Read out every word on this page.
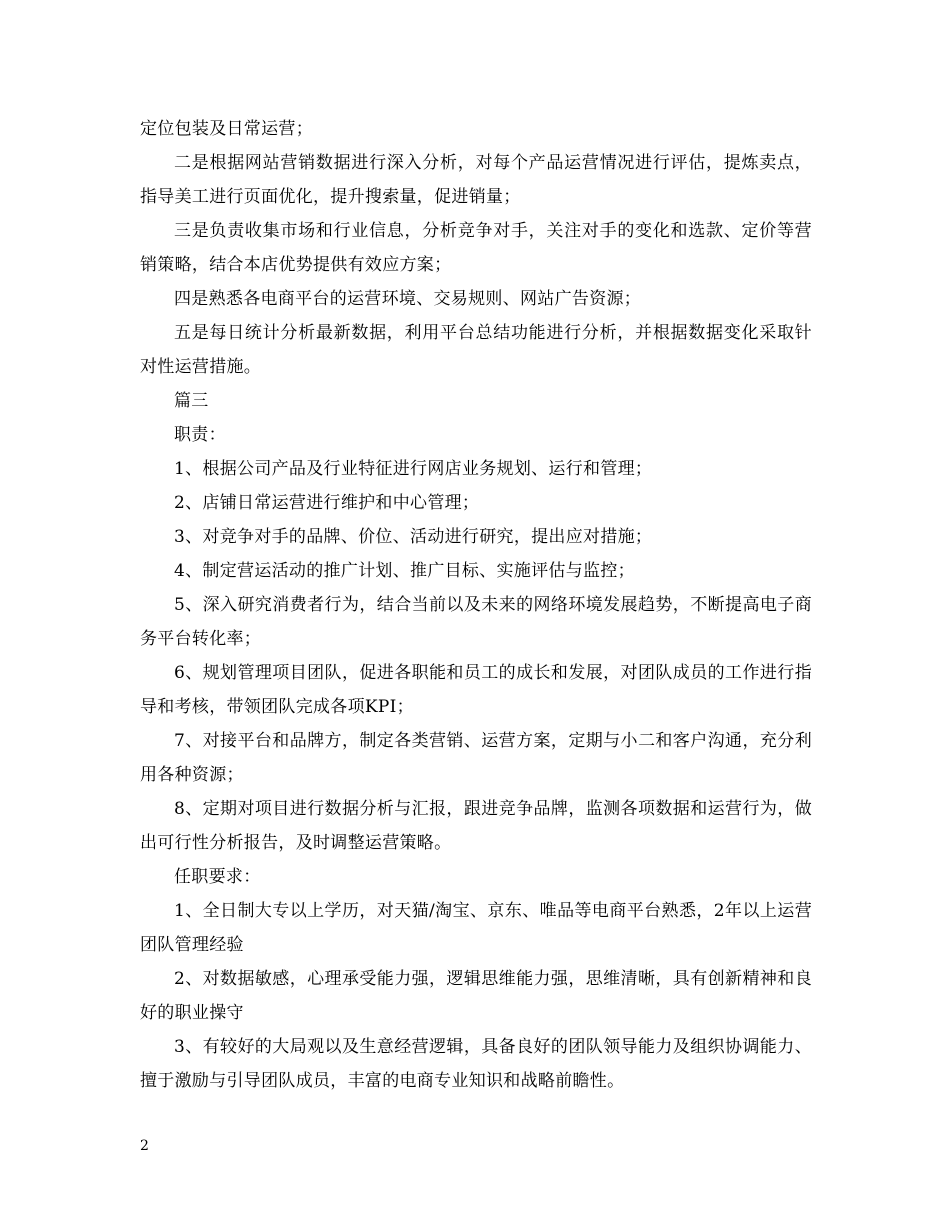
定位包装及日常运营；

二是根据网站营销数据进行深入分析，对每个产品运营情况进行评估，提炼卖点，指导美工进行页面优化，提升搜索量，促进销量；

三是负责收集市场和行业信息，分析竞争对手，关注对手的变化和选款、定价等营销策略，结合本店优势提供有效应方案；

四是熟悉各电商平台的运营环境、交易规则、网站广告资源；

五是每日统计分析最新数据，利用平台总结功能进行分析，并根据数据变化采取针对性运营措施。

篇三

职责：

1、根据公司产品及行业特征进行网店业务规划、运行和管理；

2、店铺日常运营进行维护和中心管理；

3、对竞争对手的品牌、价位、活动进行研究，提出应对措施；

4、制定营运活动的推广计划、推广目标、实施评估与监控；

5、深入研究消费者行为，结合当前以及未来的网络环境发展趋势，不断提高电子商务平台转化率；

6、规划管理项目团队，促进各职能和员工的成长和发展，对团队成员的工作进行指导和考核，带领团队完成各项KPI；

7、对接平台和品牌方，制定各类营销、运营方案，定期与小二和客户沟通，充分利用各种资源；

8、定期对项目进行数据分析与汇报，跟进竞争品牌，监测各项数据和运营行为，做出可行性分析报告，及时调整运营策略。

任职要求：

1、全日制大专以上学历，对天猫/淘宝、京东、唯品等电商平台熟悉，2年以上运营团队管理经验

2、对数据敏感，心理承受能力强，逻辑思维能力强，思维清晰，具有创新精神和良好的职业操守

3、有较好的大局观以及生意经营逻辑，具备良好的团队领导能力及组织协调能力、擅于激励与引导团队成员，丰富的电商专业知识和战略前瞻性。

2
